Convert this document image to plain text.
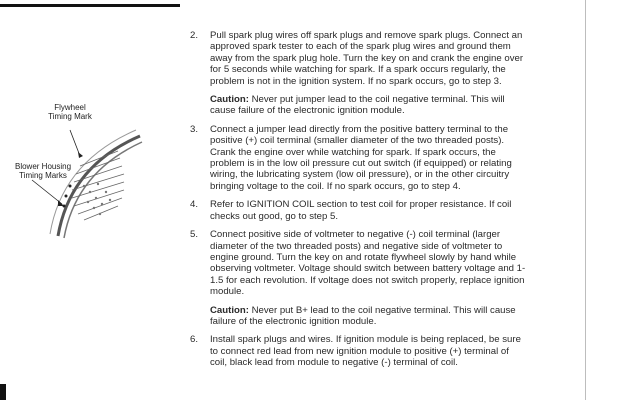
Flywheel Timing Mark
Blower Housing Timing Marks
2.	Pull spark plug wires off spark plugs and remove spark plugs. Connect an approved spark tester to each of the spark plug wires and ground them away from the spark plug hole. Turn the key on and crank the engine over for 5 seconds while watching for spark. If a spark occurs regularly, the problem is not in the ignition system. If no spark occurs, go to step 3.
Caution: Never put jumper lead to the coil negative terminal. This will cause failure of the electronic ignition module.
3.	Connect a jumper lead directly from the positive battery terminal to the positive (+) coil terminal (smaller diameter of the two threaded posts). Crank the engine over while watching for spark. If spark occurs, the problem is in the low oil pressure cut out switch (if equipped) or relating wiring, the lubricating system (low oil pressure), or in the other circuitry bringing voltage to the coil. If no spark occurs, go to step 4.
4.	Refer to IGNITION COIL section to test coil for proper resistance. If coil checks out good, go to step 5.
5.	Connect positive side of voltmeter to negative (-) coil terminal (larger diameter of the two threaded posts) and negative side of voltmeter to engine ground. Turn the key on and rotate flywheel slowly by hand while observing voltmeter. Voltage should switch between battery voltage and 1-1.5 for each revolution. If voltage does not switch properly, replace ignition module.
Caution: Never put B+ lead to the coil negative terminal. This will cause failure of the electronic ignition module.
6.	Install spark plugs and wires. If ignition module is being replaced, be sure to connect red lead from new ignition module to positive (+) terminal of coil, black lead from module to negative (-) terminal of coil.
